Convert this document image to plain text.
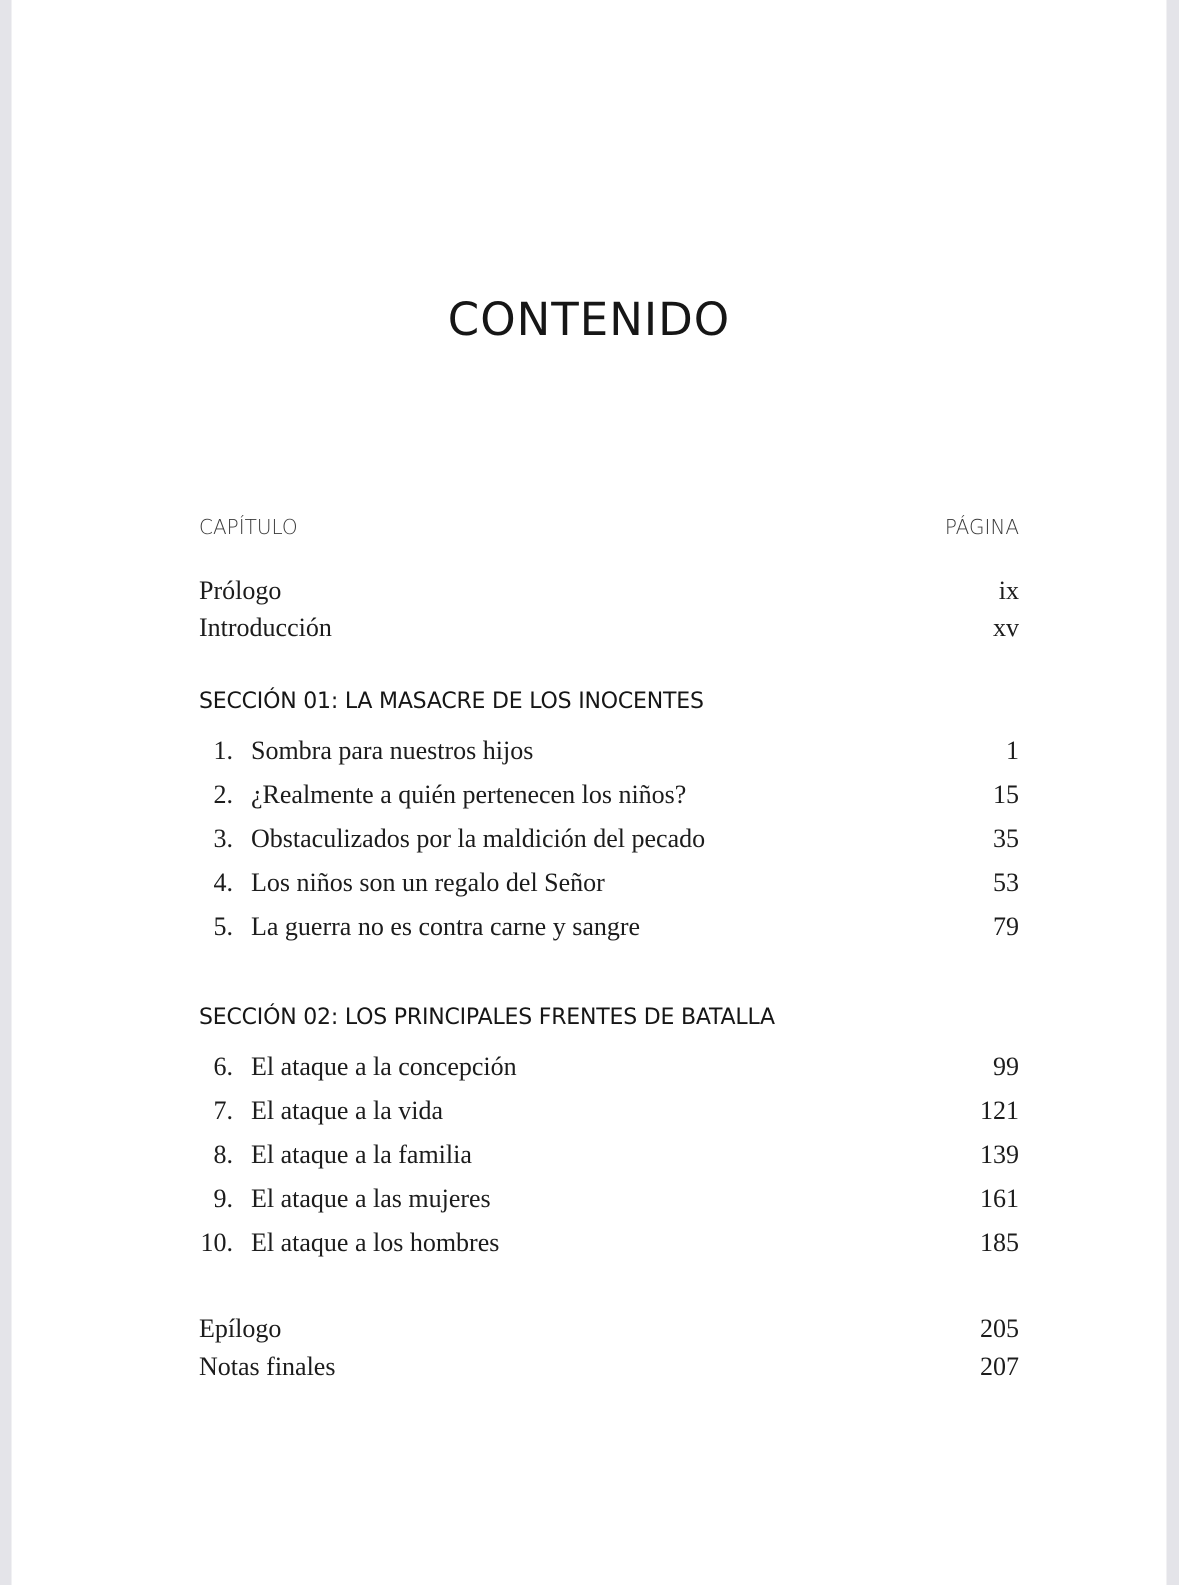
CONTENIDO
CAPÍTULO	PÁGINA
Prólogo	ix
Introducción	xv
SECCIÓN 01: LA MASACRE DE LOS INOCENTES
1. Sombra para nuestros hijos	1
2. ¿Realmente a quién pertenecen los niños?	15
3. Obstaculizados por la maldición del pecado	35
4. Los niños son un regalo del Señor	53
5. La guerra no es contra carne y sangre	79
SECCIÓN 02: LOS PRINCIPALES FRENTES DE BATALLA
6. El ataque a la concepción	99
7. El ataque a la vida	121
8. El ataque a la familia	139
9. El ataque a las mujeres	161
10. El ataque a los hombres	185
Epílogo	205
Notas finales	207
